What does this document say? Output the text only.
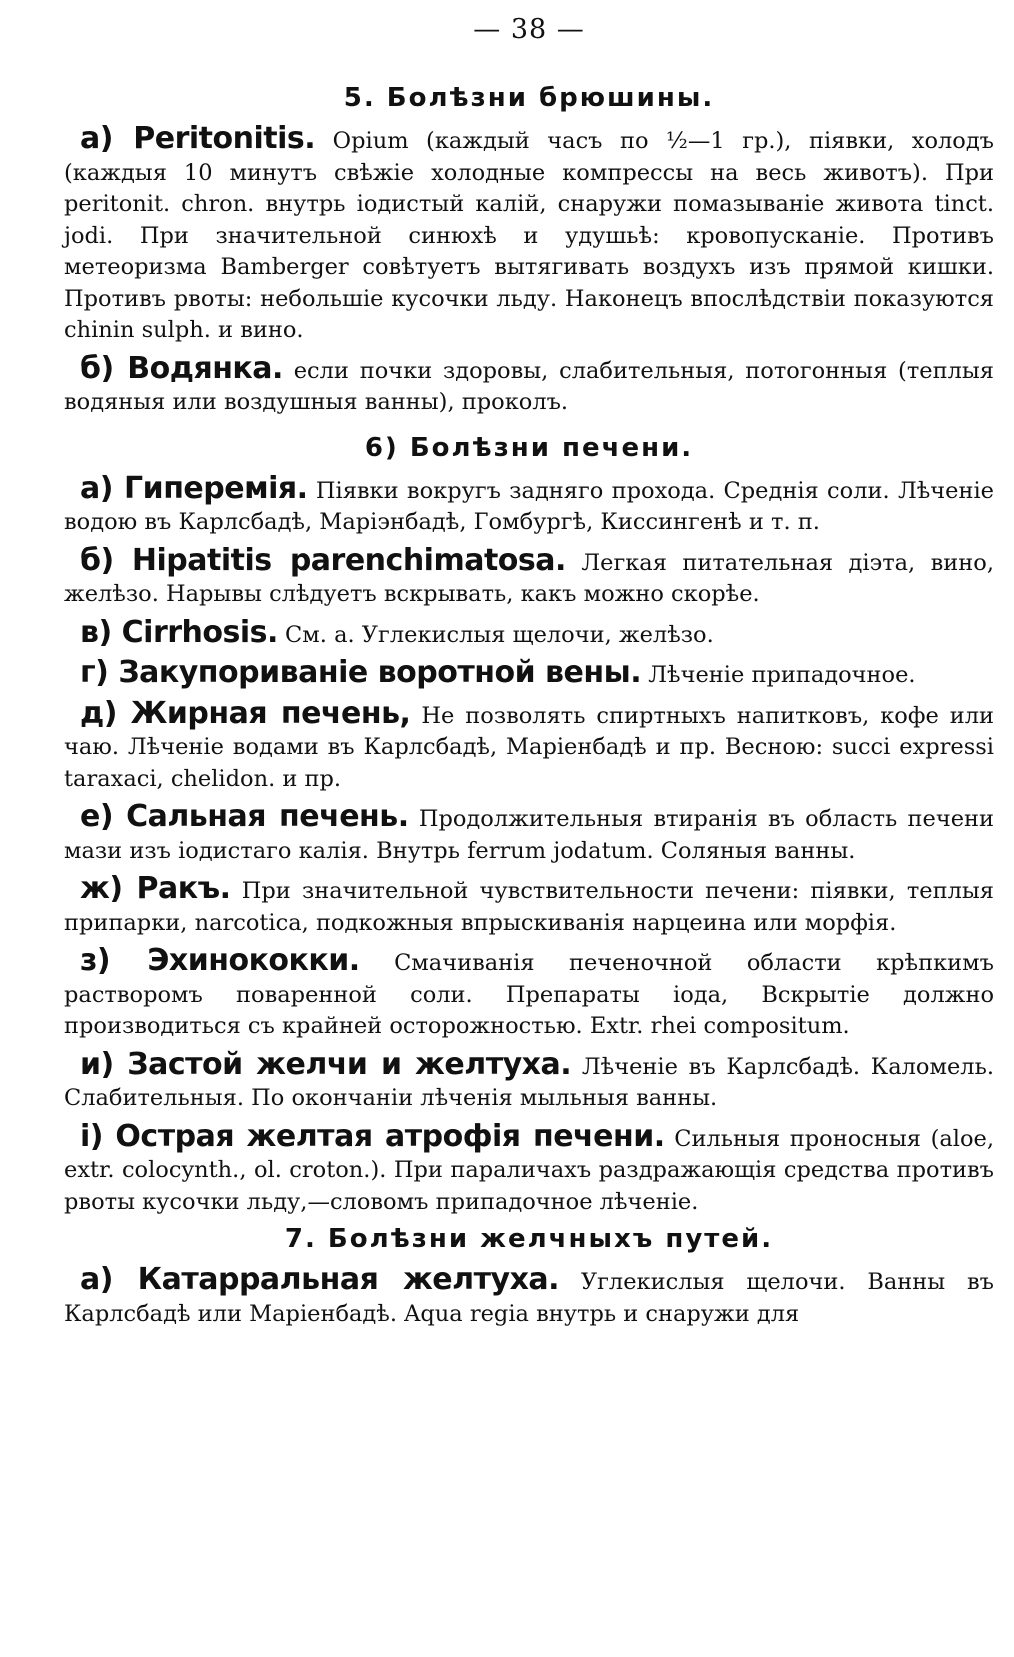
— 38 —
5. Болѣзни брюшины.

а) Peritonitis. Opium (каждый часъ по ½—1 гр.), піявки, холодъ (каждыя 10 минутъ свѣжіе холодные компрессы на весь животъ). При peritonit. chron. внутрь іодистый калій, снаружи помазываніе живота tinct. jodi. При значительной синюхѣ и удушьѣ: кровопусканіе. Противъ метеоризма Bamberger совѣтуетъ вытягивать воздухъ изъ прямой кишки. Противъ рвоты: небольшіе кусочки льду. Наконецъ впослѣдствіи показуются chinin sulph. и вино.

б) Водянка. если почки здоровы, слабительныя, потогонныя (теплыя водяныя или воздушныя ванны), проколъ.

6) Болѣзни печени.

а) Гиперемія. Піявки вокругъ задняго прохода. Среднія соли. Лѣченіе водою въ Карлсбадѣ, Маріэнбадѣ, Гомбургѣ, Киссингенѣ и т. п.

б) Hipatitis parenchimatosa. Легкая питательная діэта, вино, желѣзо. Нарывы слѣдуетъ вскрывать, какъ можно скорѣе.

в) Cirrhosis. См. а. Углекислыя щелочи, желѣзо.

г) Закупориваніе воротной вены. Лѣченіе припадочное.

д) Жирная печень, Не позволять спиртныхъ напитковъ, кофе или чаю. Лѣченіе водами въ Карлсбадѣ, Маріенбадѣ и пр. Весною: succi expressi taraxaci, chelidon. и пр.

е) Сальная печень. Продолжительныя втиранія въ область печени мази изъ іодистаго калія. Внутрь ferrum jodatum. Соляныя ванны.

ж) Ракъ. При значительной чувствительности печени: піявки, теплыя припарки, narcotica, подкожныя впрыскиванія нарцеина или морфія.

з) Эхинококки. Смачиванія печеночной области крѣпкимъ растворомъ поваренной соли. Препараты іода, Вскрытіе должно производиться съ крайней осторожностью. Extr. rhei compositum.

и) Застой желчи и желтуха. Лѣченіе въ Карлсбадѣ. Каломель. Слабительныя. По окончаніи лѣченія мыльныя ванны.

і) Острая желтая атрофія печени. Сильныя проносныя (aloe, extr. colocynth., ol. croton.). При параличахъ раздражающія средства противъ рвоты кусочки льду,—словомъ припадочное лѣченіе.

7. Болѣзни желчныхъ путей.

а) Катарральная желтуха. Углекислыя щелочи. Ванны въ Карлсбадѣ или Маріенбадѣ. Aqua regia внутрь и снаружи для
